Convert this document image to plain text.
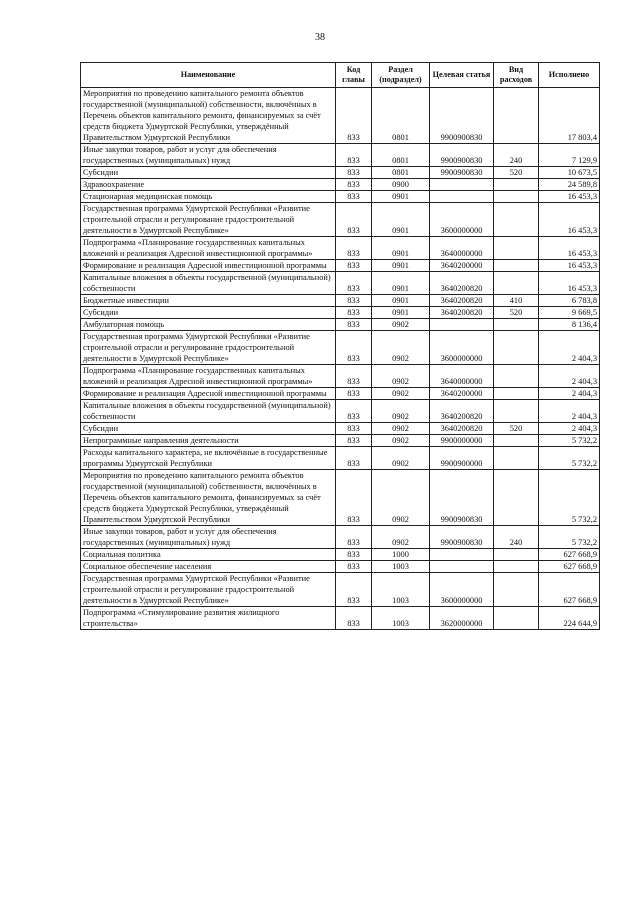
38
Наименование	Код главы	Раздел (подраздел)	Целевая статья	Вид расходов	Исполнено
Мероприятия по проведению капитального ремонта объектов государственной (муниципальной) собственности, включённых в Перечень объектов капитального ремонта, финансируемых за счёт средств бюджета Удмуртской Республики, утверждённый Правительством Удмуртской Республики	833	0801	9900900830		17 803,4
Иные закупки товаров, работ и услуг для обеспечения государственных (муниципальных) нужд	833	0801	9900900830	240	7 129,9
Субсидии	833	0801	9900900830	520	10 673,5
Здравоохранение	833	0900			24 589,8
Стационарная медицинская помощь	833	0901			16 453,3
Государственная программа Удмуртской Республики «Развитие строительной отрасли и регулирование градостроительной деятельности в Удмуртской Республике»	833	0901	3600000000		16 453,3
Подпрограмма «Планирование государственных капитальных вложений и реализация Адресной инвестиционной программы»	833	0901	3640000000		16 453,3
Формирование и реализация Адресной инвестиционной программы	833	0901	3640200000		16 453,3
Капитальные вложения в объекты государственной (муниципальной) собственности	833	0901	3640200820		16 453,3
Бюджетные инвестиции	833	0901	3640200820	410	6 783,8
Субсидии	833	0901	3640200820	520	9 669,5
Амбулаторная помощь	833	0902			8 136,4
Государственная программа Удмуртской Республики «Развитие строительной отрасли и регулирование градостроительной деятельности в Удмуртской Республике»	833	0902	3600000000		2 404,3
Подпрограмма «Планирование государственных капитальных вложений и реализация Адресной инвестиционной программы»	833	0902	3640000000		2 404,3
Формирование и реализация Адресной инвестиционной программы	833	0902	3640200000		2 404,3
Капитальные вложения в объекты государственной (муниципальной) собственности	833	0902	3640200820		2 404,3
Субсидии	833	0902	3640200820	520	2 404,3
Непрограммные направления деятельности	833	0902	9900000000		5 732,2
Расходы капитального характера, не включённые в государственные программы Удмуртской Республики	833	0902	9900900000		5 732,2
Мероприятия по проведению капитального ремонта объектов государственной (муниципальной) собственности, включённых в Перечень объектов капитального ремонта, финансируемых за счёт средств бюджета Удмуртской Республики, утверждённый Правительством Удмуртской Республики	833	0902	9900900830		5 732,2
Иные закупки товаров, работ и услуг для обеспечения государственных (муниципальных) нужд	833	0902	9900900830	240	5 732,2
Социальная политика	833	1000			627 668,9
Социальное обеспечение населения	833	1003			627 668,9
Государственная программа Удмуртской Республики «Развитие строительной отрасли и регулирование градостроительной деятельности в Удмуртской Республике»	833	1003	3600000000		627 668,9
Подпрограмма «Стимулирование развития жилищного строительства»	833	1003	3620000000		224 644,9
